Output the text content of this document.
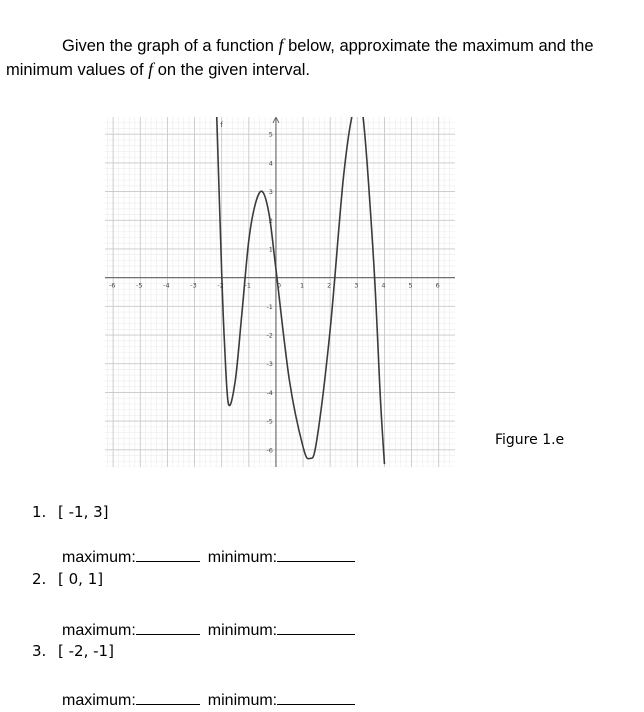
Given the graph of a function f below, approximate the maximum and the
minimum values of f on the given interval.
-6	-5	-4	-3	-2	-1	0	1	2	3	4	5	6
5
4
3
2
1
-1
-2
-3
-4
-5
-6
f
Figure 1.e
1. [ -1, 3]
maximum:	minimum:
2. [ 0, 1]
maximum:	minimum:
3. [ -2, -1]
maximum:	minimum:
